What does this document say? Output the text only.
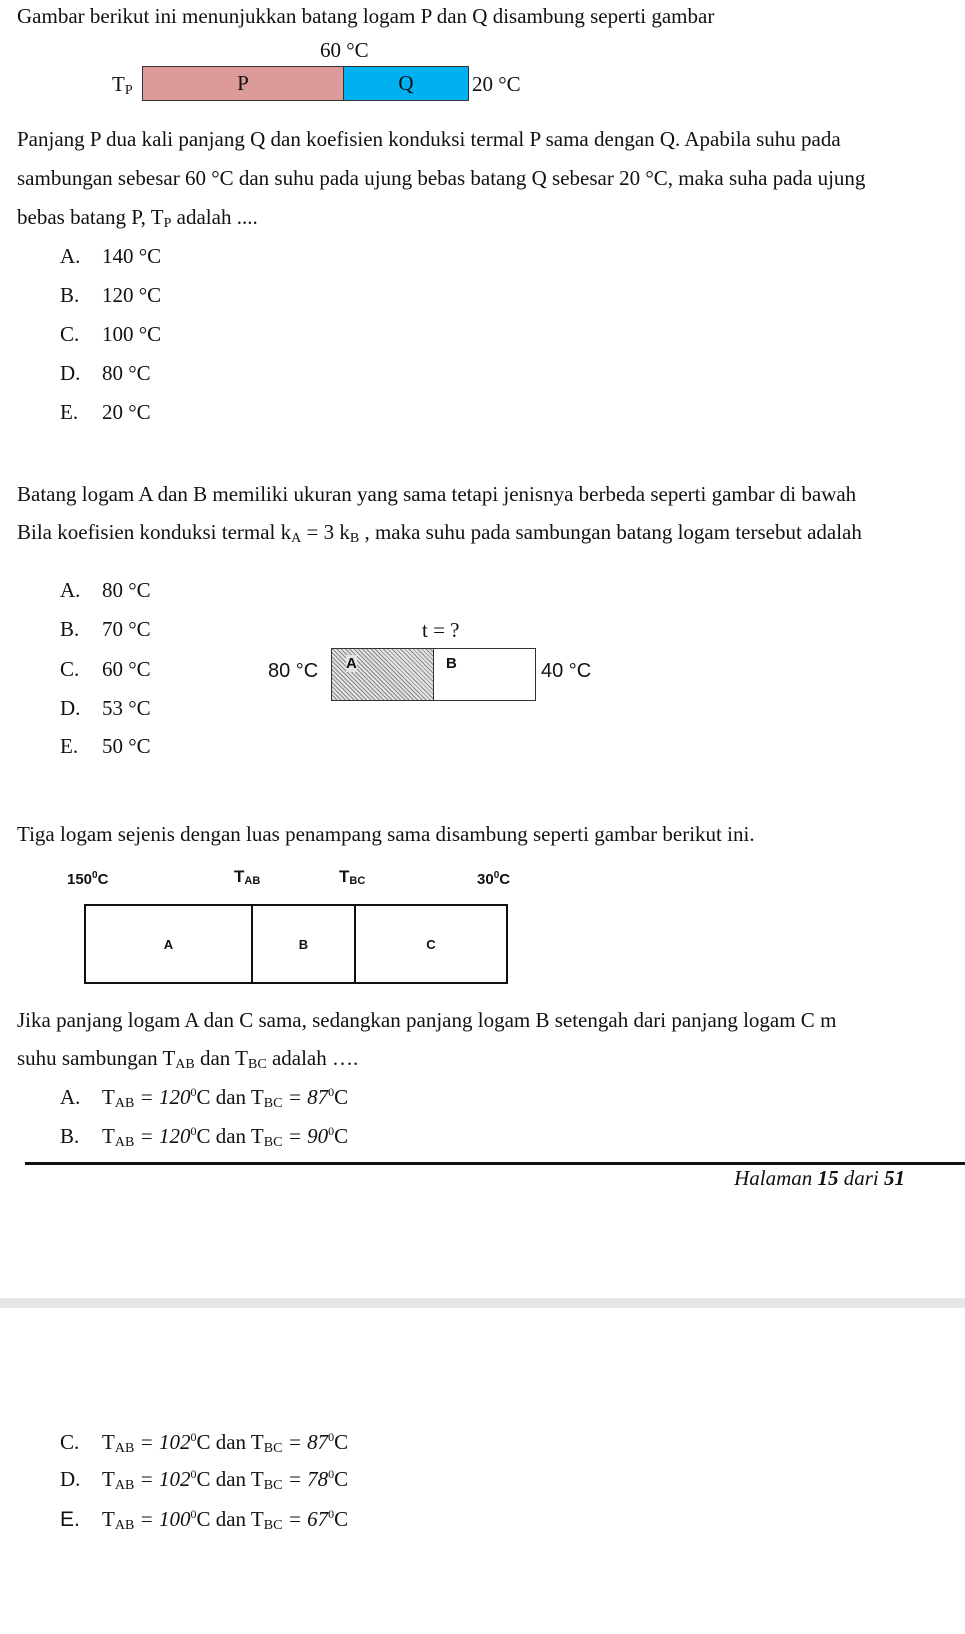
Gambar berikut ini menunjukkan batang logam P dan Q disambung seperti gambar
60 °C
$T_P$	P	Q	20 °C
Panjang P dua kali panjang Q dan koefisien konduksi termal P sama dengan Q. Apabila suhu pada
sambungan sebesar 60 °C dan suhu pada ujung bebas batang Q sebesar 20 °C, maka suha pada ujung
bebas batang P, $T_P$ adalah ....
A. 140 °C
B. 120 °C
C. 100 °C
D. 80 °C
E. 20 °C
Batang logam A dan B memiliki ukuran yang sama tetapi jenisnya berbeda seperti gambar di bawah
Bila koefisien konduksi termal $k_A = 3$ $k_B$ , maka suhu pada sambungan batang logam tersebut adalah
A. 80 °C
B. 70 °C
C. 60 °C
D. 53 °C
E. 50 °C
t = ?
80 °C A	B	40 °C
Tiga logam sejenis dengan luas penampang sama disambung seperti gambar berikut ini.
$150^0C$	$T_{AB}$	$T_{BC}$	$30^0C$
A	B	C
Jika panjang logam A dan C sama, sedangkan panjang logam B setengah dari panjang logam C m
suhu sambungan $T_{AB}$ dan $T_{BC}$ adalah ….
A. $T_{AB} = 120^0C$ dan $T_{BC} = 87^0C$
B. $T_{AB} = 120^0C$ dan $T_{BC} = 90^0C$
Halaman 15 dari 51
C. $T_{AB} = 102^0C$ dan $T_{BC} = 87^0C$
D. $T_{AB} = 102^0C$ dan $T_{BC} = 78^0C$
E. $T_{AB} = 100^0C$ dan $T_{BC} = 67^0C$
